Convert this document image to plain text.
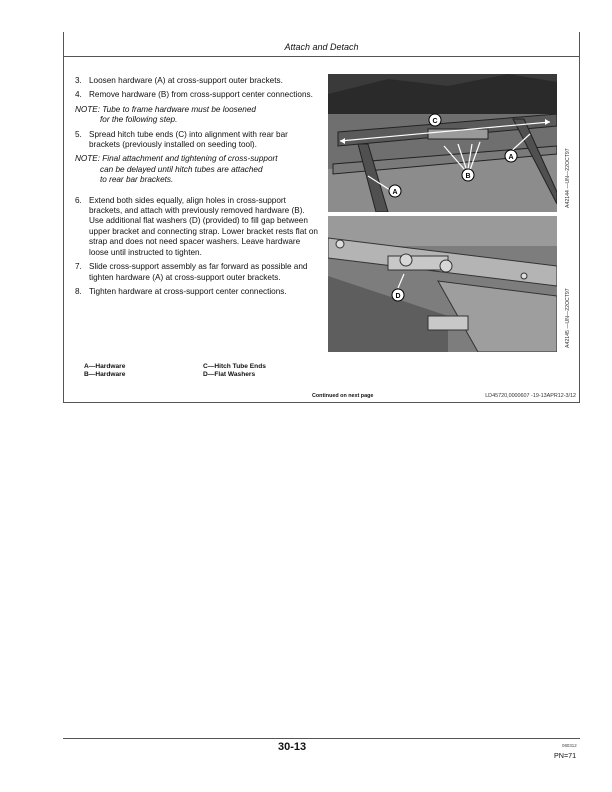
Attach and Detach
3. Loosen hardware (A) at cross-support outer brackets.
4. Remove hardware (B) from cross-support center connections.
NOTE: Tube to frame hardware must be loosened
for the following step.
5. Spread hitch tube ends (C) into alignment with rear bar brackets (previously installed on seeding tool).
NOTE: Final attachment and tightening of cross-support
can be delayed until hitch tubes are attached
to rear bar brackets.
6. Extend both sides equally, align holes in cross-support brackets, and attach with previously removed hardware (B). Use additional flat washers (D) (provided) to fill gap between upper bracket and connecting strap. Lower bracket rests flat on strap and does not need spacer washers. Leave hardware loose until instructed to tighten.
7. Slide cross-support assembly as far forward as possible and tighten hardware (A) at cross-support outer brackets.
8. Tighten hardware at cross-support center connections.
A—Hardware
B—Hardware
C—Hitch Tube Ends
D—Flat Washers
C
B
A
A
D
A42144 —UN—22OCT97
A42145 —UN—22OCT97
Continued on next page	LD45720,0000607 -19-13APR12-3/12
30-13	080312
PN=71
